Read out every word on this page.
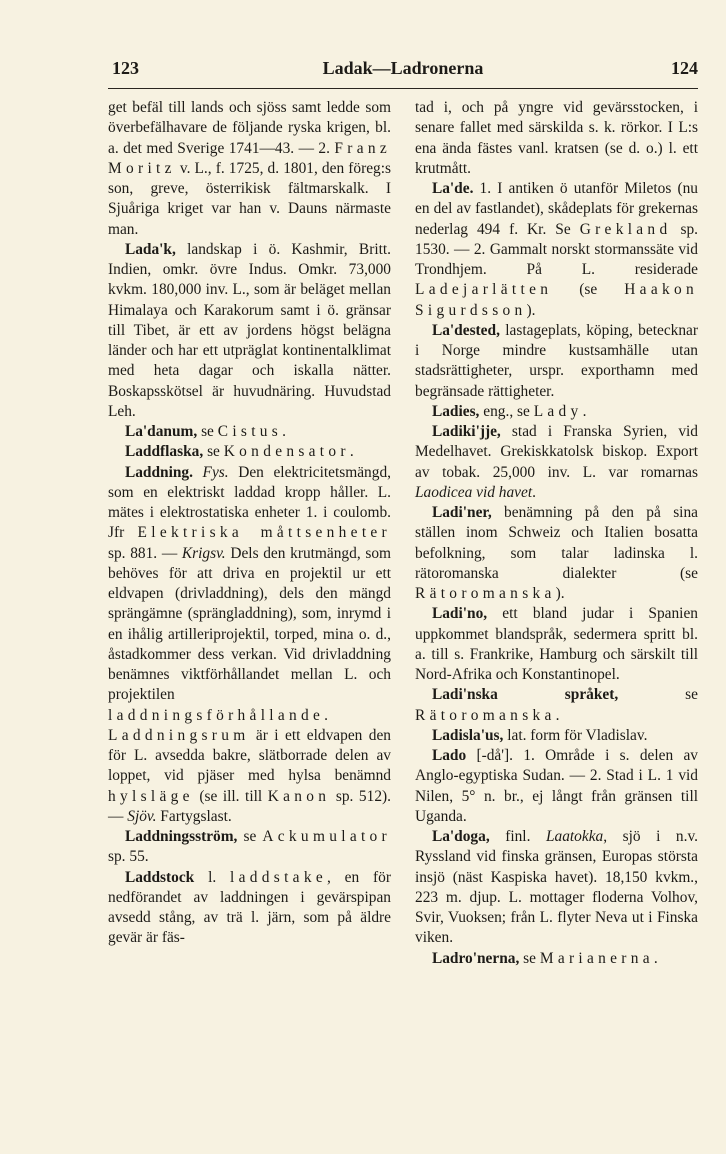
123	Ladak—Ladronerna	124

get befäl till lands och sjöss samt ledde som överbefälhavare de följande ryska krigen, bl. a. det med Sverige 1741—43. — 2. Franz Moritz v. L., f. 1725, d. 1801, den föreg:s son, greve, österrikisk fältmarskalk. I Sjuåriga kriget var han v. Dauns närmaste man.

Lada'k, landskap i ö. Kashmir, Britt. Indien, omkr. övre Indus. Omkr. 73,000 kvkm. 180,000 inv. L., som är beläget mellan Himalaya och Karakorum samt i ö. gränsar till Tibet, är ett av jordens högst belägna länder och har ett utpräglat kontinentalklimat med heta dagar och iskalla nätter. Boskapsskötsel är huvudnäring. Huvudstad Leh.

La'danum, se Cistus.

Laddflaska, se Kondensator.

Laddning. Fys. Den elektricitetsmängd, som en elektriskt laddad kropp håller. L. mätes i elektrostatiska enheter 1. i coulomb. Jfr Elektriska måttsenheter sp. 881. — Krigsv. Dels den krutmängd, som behöves för att driva en projektil ur ett eldvapen (drivladdning), dels den mängd sprängämne (sprängladdning), som, inrymd i en ihålig artilleriprojektil, torped, mina o. d., åstadkommer dess verkan. Vid drivladdning benämnes viktförhållandet mellan L. och projektilen laddningsförhållande. Laddningsrum är i ett eldvapen den för L. avsedda bakre, slätborrade delen av loppet, vid pjäser med hylsa benämnd hylsläge (se ill. till Kanon sp. 512). — Sjöv. Fartygslast.

Laddningsström, se Ackumulator sp. 55.

Laddstock l. laddstake, en för nedförandet av laddningen i gevärspipan avsedd stång, av trä l. järn, som på äldre gevär är fäs-

tad i, och på yngre vid gevärsstocken, i senare fallet med särskilda s. k. rörkor. I L:s ena ända fästes vanl. kratsen (se d. o.) l. ett krutmått.

La'de. 1. I antiken ö utanför Miletos (nu en del av fastlandet), skådeplats för grekernas nederlag 494 f. Kr. Se Grekland sp. 1530. — 2. Gammalt norskt stormanssäte vid Trondhjem. På L. residerade Ladejarlätten (se Haakon Sigurdsson).

La'dested, lastageplats, köping, betecknar i Norge mindre kustsamhälle utan stadsrättigheter, urspr. exporthamn med begränsade rättigheter.

Ladies, eng., se Lady.

Ladiki'jje, stad i Franska Syrien, vid Medelhavet. Grekiskkatolsk biskop. Export av tobak. 25,000 inv. L. var romarnas Laodicea vid havet.

Ladi'ner, benämning på den på sina ställen inom Schweiz och Italien bosatta befolkning, som talar ladinska l. rätoromanska dialekter (se Rätoromanska).

Ladi'no, ett bland judar i Spanien uppkommet blandspråk, sedermera spritt bl. a. till s. Frankrike, Hamburg och särskilt till Nord-Afrika och Konstantinopel.

Ladi'nska språket, se Rätoromanska.

Ladisla'us, lat. form för Vladislav.

Lado [-då']. 1. Område i s. delen av Anglo-egyptiska Sudan. — 2. Stad i L. 1 vid Nilen, 5° n. br., ej långt från gränsen till Uganda.

La'doga, finl. Laatokka, sjö i n.v. Ryssland vid finska gränsen, Europas största insjö (näst Kaspiska havet). 18,150 kvkm., 223 m. djup. L. mottager floderna Volhov, Svir, Vuoksen; från L. flyter Neva ut i Finska viken.

Ladro'nerna, se Marianerna.
